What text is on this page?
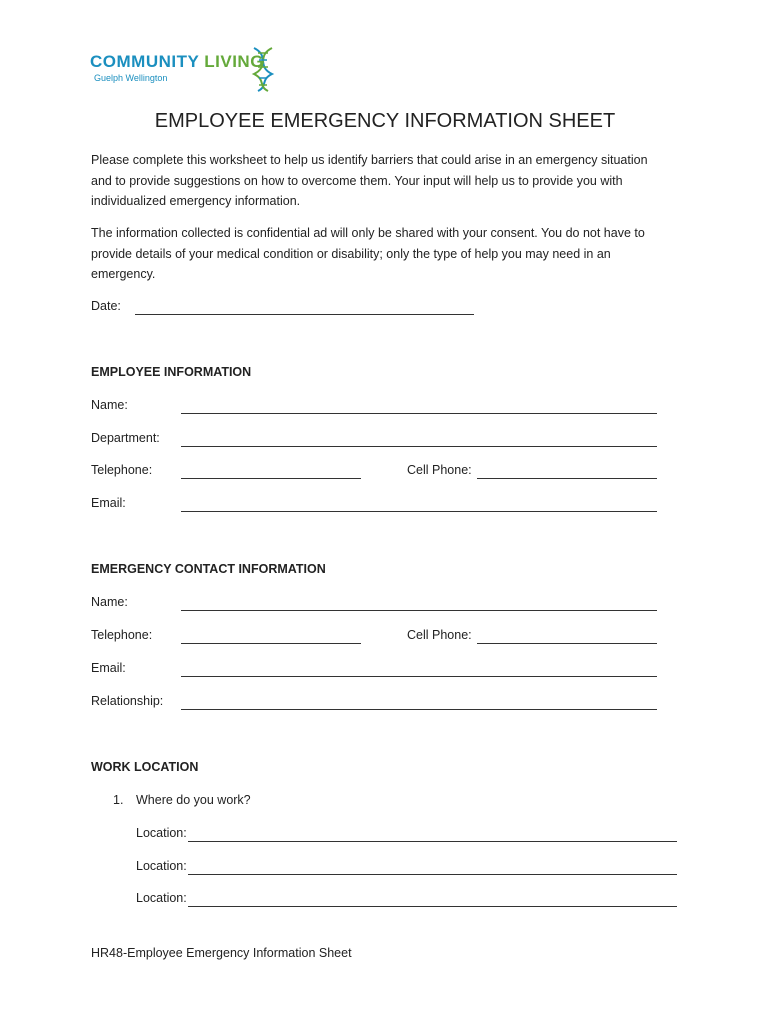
COMMUNITY LIVING
Guelph Wellington
EMPLOYEE EMERGENCY INFORMATION SHEET
Please complete this worksheet to help us identify barriers that could arise in an emergency situation and to provide suggestions on how to overcome them. Your input will help us to provide you with individualized emergency information.
The information collected is confidential ad will only be shared with your consent. You do not have to provide details of your medical condition or disability; only the type of help you may need in an emergency.
Date:
EMPLOYEE INFORMATION
Name:
Department:
Telephone:	Cell Phone:
Email:
EMERGENCY CONTACT INFORMATION
Name:
Telephone:	Cell Phone:
Email:
Relationship:
WORK LOCATION
1. Where do you work?
Location:
Location:
Location:
HR48-Employee Emergency Information Sheet
